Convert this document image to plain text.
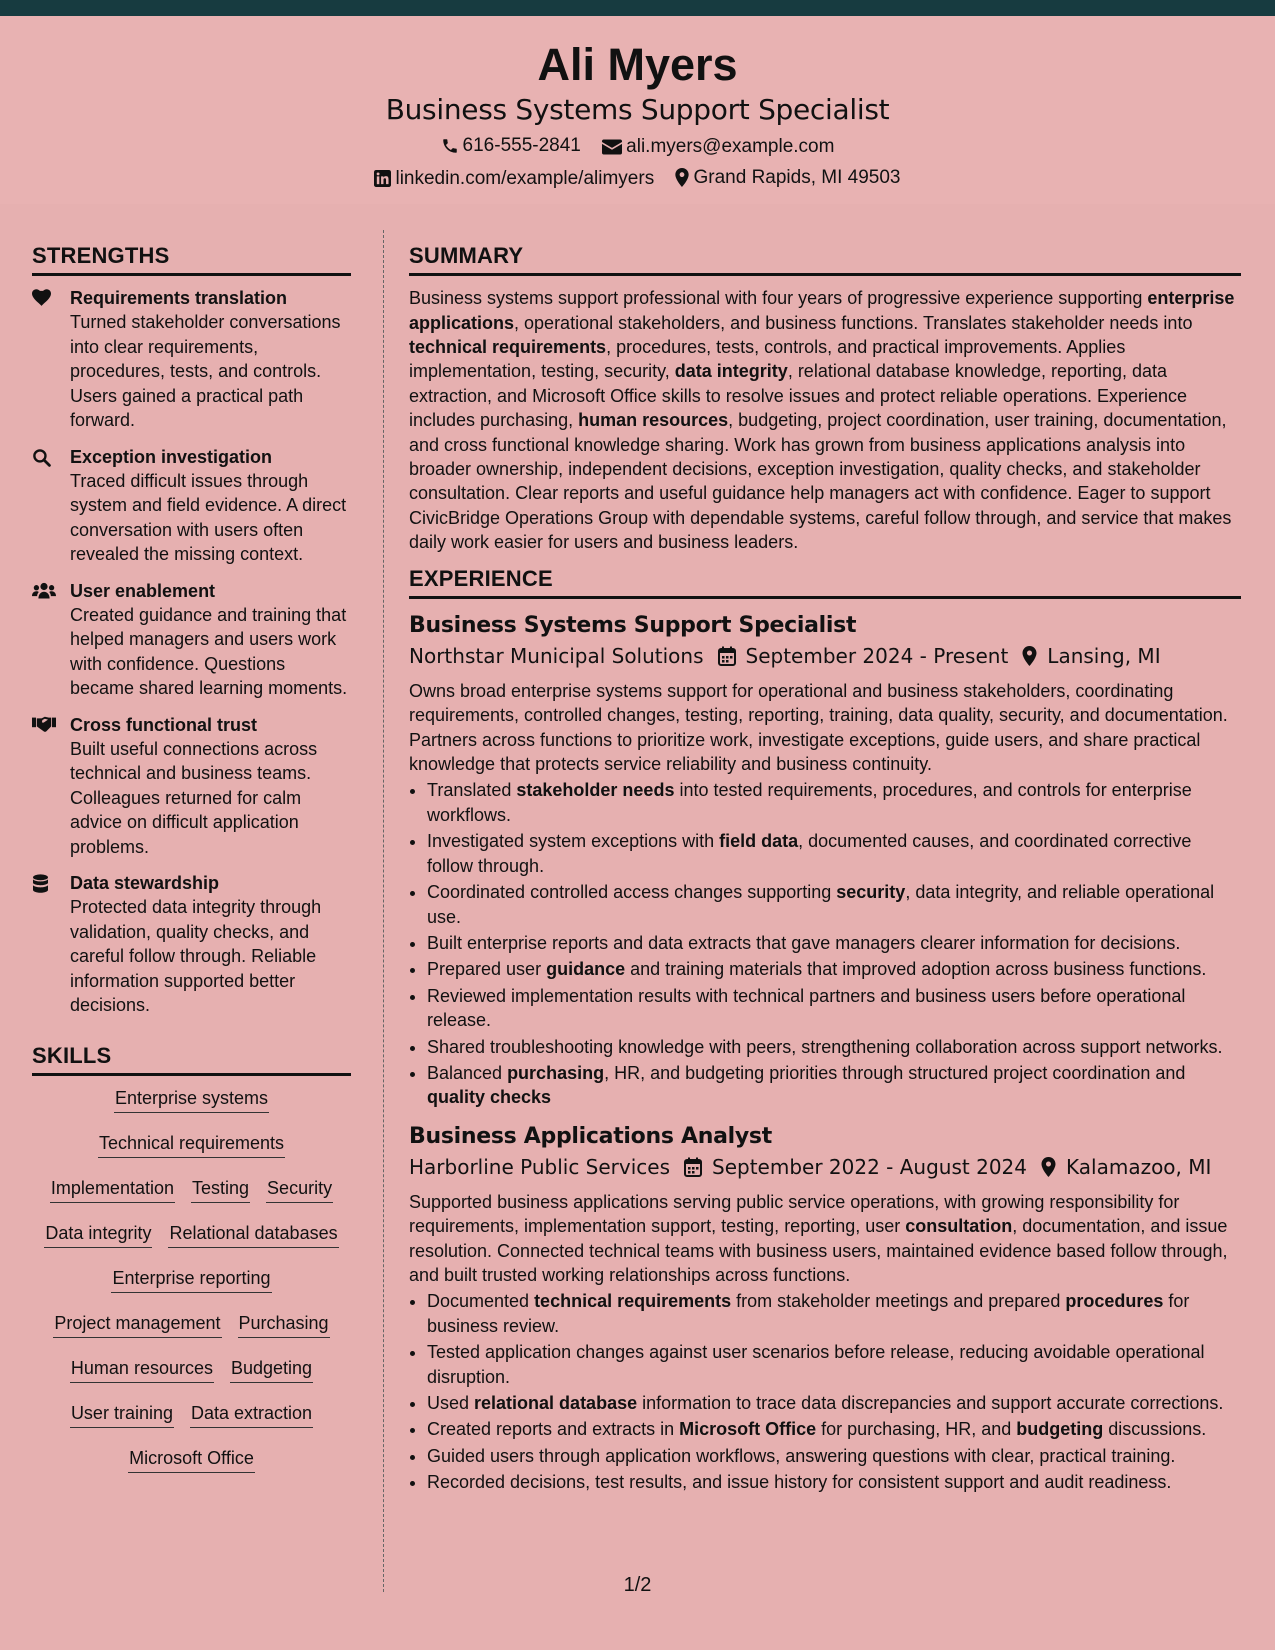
Ali Myers
Business Systems Support Specialist
616-555-2841
ali.myers@example.com
linkedin.com/example/alimyers
Grand Rapids, MI 49503
STRENGTHS
Requirements translation
Turned stakeholder conversations into clear requirements, procedures, tests, and controls. Users gained a practical path forward.
Exception investigation
Traced difficult issues through system and field evidence. A direct conversation with users often revealed the missing context.
User enablement
Created guidance and training that helped managers and users work with confidence. Questions became shared learning moments.
Cross functional trust
Built useful connections across technical and business teams. Colleagues returned for calm advice on difficult application problems.
Data stewardship
Protected data integrity through validation, quality checks, and careful follow through. Reliable information supported better decisions.
SKILLS
Enterprise systems
Technical requirements
Implementation Testing Security
Data integrity Relational databases
Enterprise reporting
Project management Purchasing
Human resources Budgeting
User training Data extraction
Microsoft Office
SUMMARY
Business systems support professional with four years of progressive experience supporting enterprise applications, operational stakeholders, and business functions. Translates stakeholder needs into technical requirements, procedures, tests, controls, and practical improvements. Applies implementation, testing, security, data integrity, relational database knowledge, reporting, data extraction, and Microsoft Office skills to resolve issues and protect reliable operations. Experience includes purchasing, human resources, budgeting, project coordination, user training, documentation, and cross functional knowledge sharing. Work has grown from business applications analysis into broader ownership, independent decisions, exception investigation, quality checks, and stakeholder consultation. Clear reports and useful guidance help managers act with confidence. Eager to support CivicBridge Operations Group with dependable systems, careful follow through, and service that makes daily work easier for users and business leaders.
EXPERIENCE
Business Systems Support Specialist
Northstar Municipal Solutions September 2024 - Present Lansing, MI
Owns broad enterprise systems support for operational and business stakeholders, coordinating requirements, controlled changes, testing, reporting, training, data quality, security, and documentation. Partners across functions to prioritize work, investigate exceptions, guide users, and share practical knowledge that protects service reliability and business continuity.
• Translated stakeholder needs into tested requirements, procedures, and controls for enterprise workflows.
• Investigated system exceptions with field data, documented causes, and coordinated corrective follow through.
• Coordinated controlled access changes supporting security, data integrity, and reliable operational use.
• Built enterprise reports and data extracts that gave managers clearer information for decisions.
• Prepared user guidance and training materials that improved adoption across business functions.
• Reviewed implementation results with technical partners and business users before operational release.
• Shared troubleshooting knowledge with peers, strengthening collaboration across support networks.
• Balanced purchasing, HR, and budgeting priorities through structured project coordination and quality checks
Business Applications Analyst
Harborline Public Services September 2022 - August 2024 Kalamazoo, MI
Supported business applications serving public service operations, with growing responsibility for requirements, implementation support, testing, reporting, user consultation, documentation, and issue resolution. Connected technical teams with business users, maintained evidence based follow through, and built trusted working relationships across functions.
• Documented technical requirements from stakeholder meetings and prepared procedures for business review.
• Tested application changes against user scenarios before release, reducing avoidable operational disruption.
• Used relational database information to trace data discrepancies and support accurate corrections.
• Created reports and extracts in Microsoft Office for purchasing, HR, and budgeting discussions.
• Guided users through application workflows, answering questions with clear, practical training.
• Recorded decisions, test results, and issue history for consistent support and audit readiness.
1/2
